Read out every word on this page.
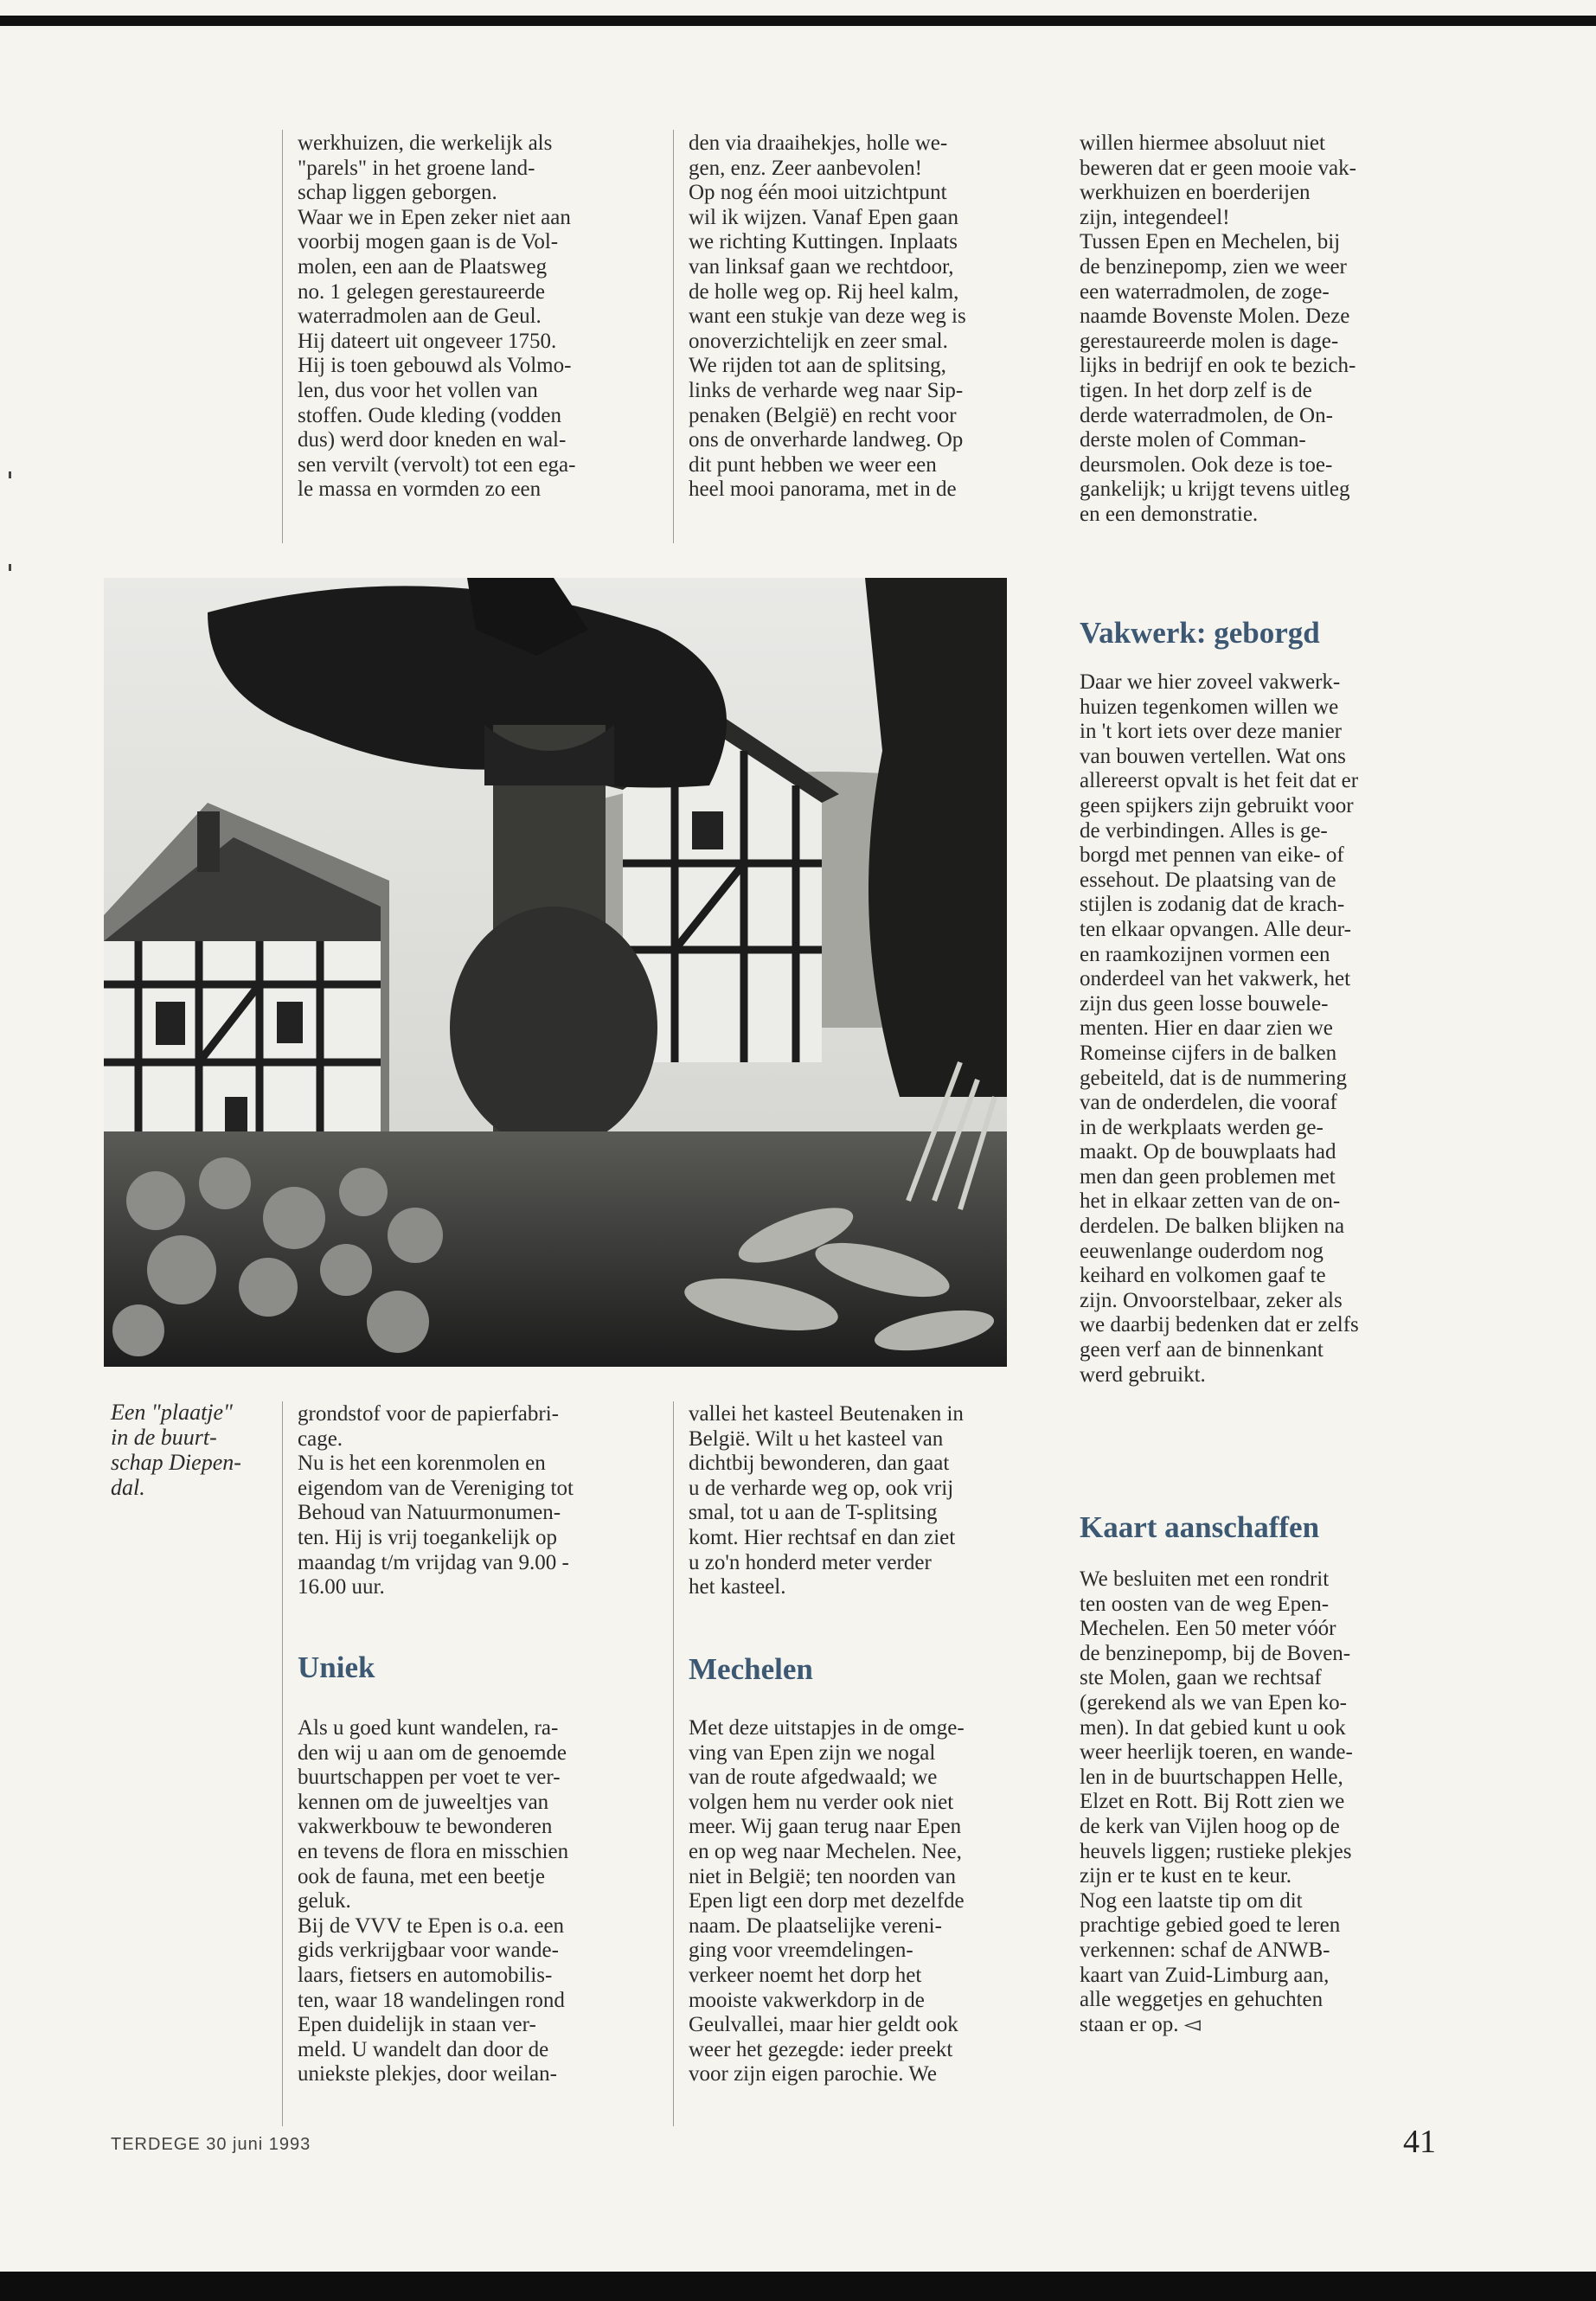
werkhuizen, die werkelijk als
"parels" in het groene land-
schap liggen geborgen.
Waar we in Epen zeker niet aan
voorbij mogen gaan is de Vol-
molen, een aan de Plaatsweg
no. 1 gelegen gerestaureerde
waterradmolen aan de Geul.
Hij dateert uit ongeveer 1750.
Hij is toen gebouwd als Volmo-
len, dus voor het vollen van
stoffen. Oude kleding (vodden
dus) werd door kneden en wal-
sen vervilt (vervolt) tot een ega-
le massa en vormden zo een
den via draaihekjes, holle we-
gen, enz. Zeer aanbevolen!
Op nog één mooi uitzichtpunt
wil ik wijzen. Vanaf Epen gaan
we richting Kuttingen. Inplaats
van linksaf gaan we rechtdoor,
de holle weg op. Rij heel kalm,
want een stukje van deze weg is
onoverzichtelijk en zeer smal.
We rijden tot aan de splitsing,
links de verharde weg naar Sip-
penaken (België) en recht voor
ons de onverharde landweg. Op
dit punt hebben we weer een
heel mooi panorama, met in de
willen hiermee absoluut niet
beweren dat er geen mooie vak-
werkhuizen en boerderijen
zijn, integendeel!
Tussen Epen en Mechelen, bij
de benzinepomp, zien we weer
een waterradmolen, de zoge-
naamde Bovenste Molen. Deze
gerestaureerde molen is dage-
lijks in bedrijf en ook te bezich-
tigen. In het dorp zelf is de
derde waterradmolen, de On-
derste molen of Comman-
deursmolen. Ook deze is toe-
gankelijk; u krijgt tevens uitleg
en een demonstratie.
Vakwerk: geborgd
Daar we hier zoveel vakwerk-
huizen tegenkomen willen we
in 't kort iets over deze manier
van bouwen vertellen. Wat ons
allereerst opvalt is het feit dat er
geen spijkers zijn gebruikt voor
de verbindingen. Alles is ge-
borgd met pennen van eike- of
essehout. De plaatsing van de
stijlen is zodanig dat de krach-
ten elkaar opvangen. Alle deur-
en raamkozijnen vormen een
onderdeel van het vakwerk, het
zijn dus geen losse bouwele-
menten. Hier en daar zien we
Romeinse cijfers in de balken
gebeiteld, dat is de nummering
van de onderdelen, die vooraf
in de werkplaats werden ge-
maakt. Op de bouwplaats had
men dan geen problemen met
het in elkaar zetten van de on-
derdelen. De balken blijken na
eeuwenlange ouderdom nog
keihard en volkomen gaaf te
zijn. Onvoorstelbaar, zeker als
we daarbij bedenken dat er zelfs
geen verf aan de binnenkant
werd gebruikt.
Kaart aanschaffen
We besluiten met een rondrit
ten oosten van de weg Epen-
Mechelen. Een 50 meter vóór
de benzinepomp, bij de Boven-
ste Molen, gaan we rechtsaf
(gerekend als we van Epen ko-
men). In dat gebied kunt u ook
weer heerlijk toeren, en wande-
len in de buurtschappen Helle,
Elzet en Rott. Bij Rott zien we
de kerk van Vijlen hoog op de
heuvels liggen; rustieke plekjes
zijn er te kust en te keur.
Nog een laatste tip om dit
prachtige gebied goed te leren
verkennen: schaf de ANWB-
kaart van Zuid-Limburg aan,
alle weggetjes en gehuchten
staan er op. ◅
Een "plaatje"
in de buurt-
schap Diepen-
dal.
grondstof voor de papierfabri-
cage.
Nu is het een korenmolen en
eigendom van de Vereniging tot
Behoud van Natuurmonumen-
ten. Hij is vrij toegankelijk op
maandag t/m vrijdag van 9.00 -
16.00 uur.
Uniek
Als u goed kunt wandelen, ra-
den wij u aan om de genoemde
buurtschappen per voet te ver-
kennen om de juweeltjes van
vakwerkbouw te bewonderen
en tevens de flora en misschien
ook de fauna, met een beetje
geluk.
Bij de VVV te Epen is o.a. een
gids verkrijgbaar voor wande-
laars, fietsers en automobilis-
ten, waar 18 wandelingen rond
Epen duidelijk in staan ver-
meld. U wandelt dan door de
uniekste plekjes, door weilan-
vallei het kasteel Beutenaken in
België. Wilt u het kasteel van
dichtbij bewonderen, dan gaat
u de verharde weg op, ook vrij
smal, tot u aan de T-splitsing
komt. Hier rechtsaf en dan ziet
u zo'n honderd meter verder
het kasteel.
Mechelen
Met deze uitstapjes in de omge-
ving van Epen zijn we nogal
van de route afgedwaald; we
volgen hem nu verder ook niet
meer. Wij gaan terug naar Epen
en op weg naar Mechelen. Nee,
niet in België; ten noorden van
Epen ligt een dorp met dezelfde
naam. De plaatselijke vereni-
ging voor vreemdelingen-
verkeer noemt het dorp het
mooiste vakwerkdorp in de
Geulvallei, maar hier geldt ook
weer het gezegde: ieder preekt
voor zijn eigen parochie. We
TERDEGE 30 juni 1993	41
